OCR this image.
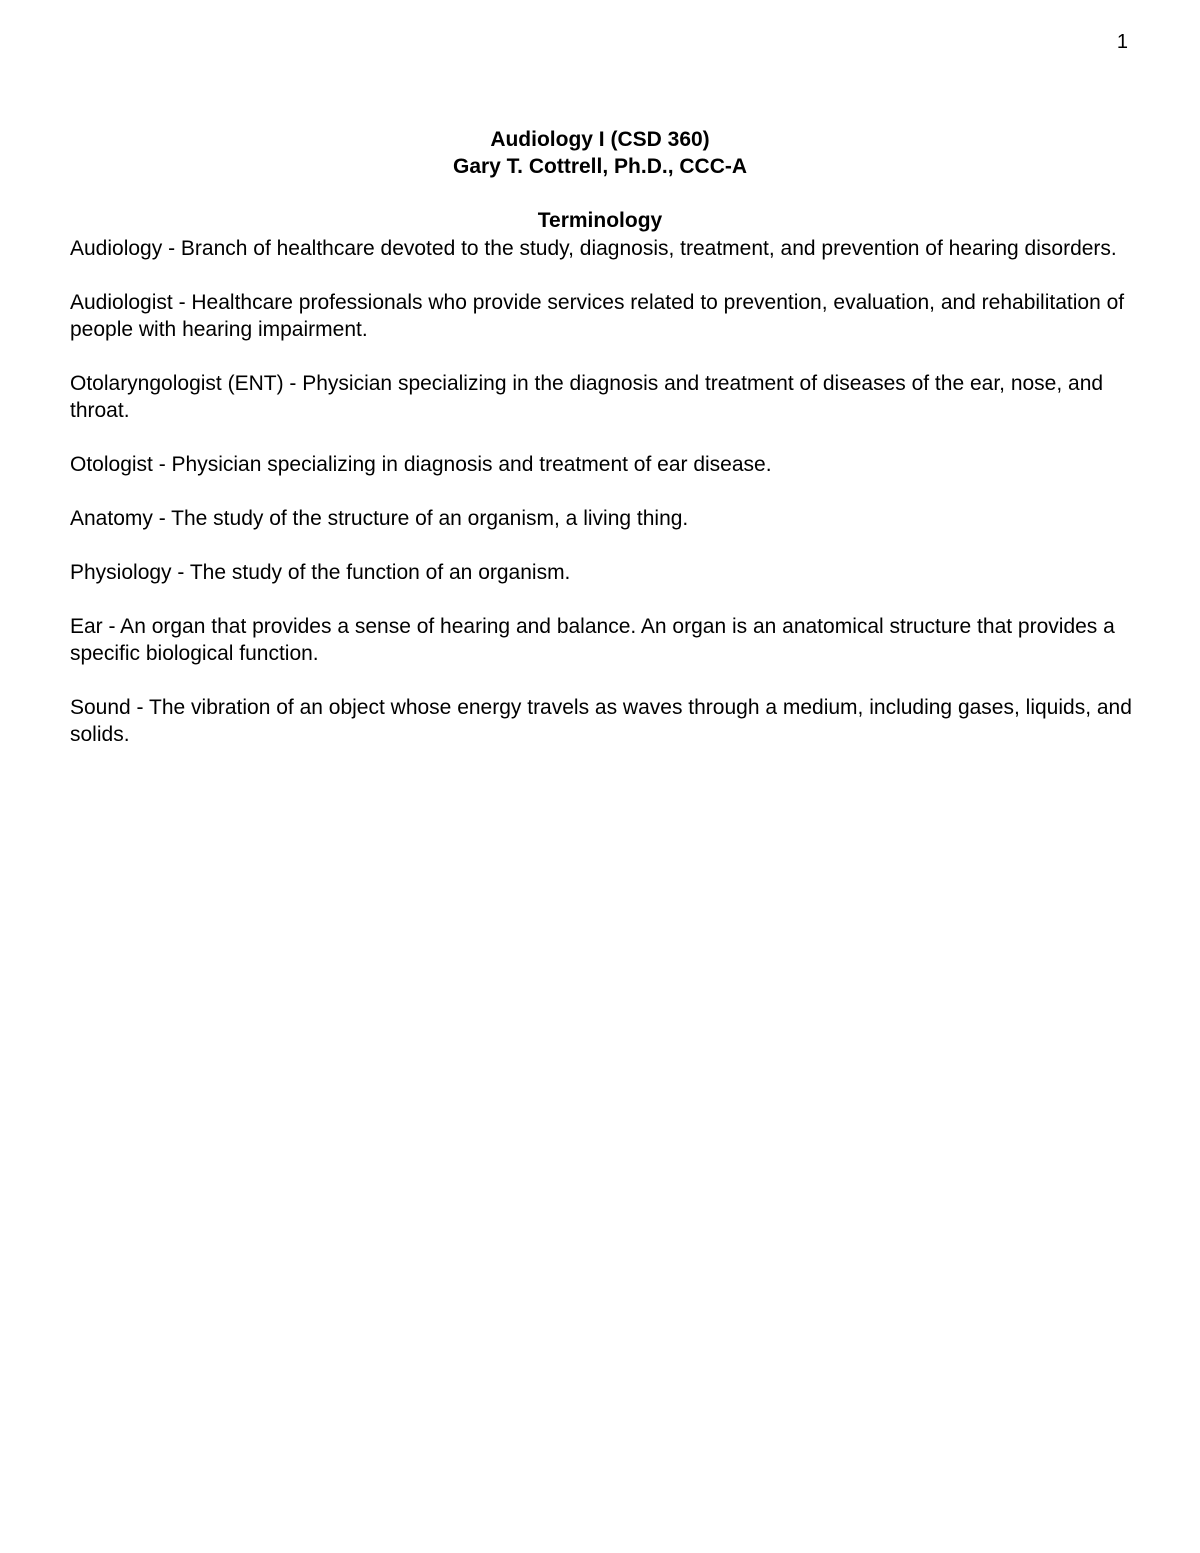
1
Audiology I (CSD 360)
Gary T. Cottrell, Ph.D., CCC-A
Terminology

Audiology - Branch of healthcare devoted to the study, diagnosis, treatment, and prevention of hearing disorders.

Audiologist - Healthcare professionals who provide services related to prevention, evaluation, and rehabilitation of people with hearing impairment.

Otolaryngologist (ENT) - Physician specializing in the diagnosis and treatment of diseases of the ear, nose, and throat.

Otologist - Physician specializing in diagnosis and treatment of ear disease.

Anatomy - The study of the structure of an organism, a living thing.

Physiology - The study of the function of an organism.

Ear - An organ that provides a sense of hearing and balance. An organ is an anatomical structure that provides a specific biological function.

Sound - The vibration of an object whose energy travels as waves through a medium, including gases, liquids, and solids.
